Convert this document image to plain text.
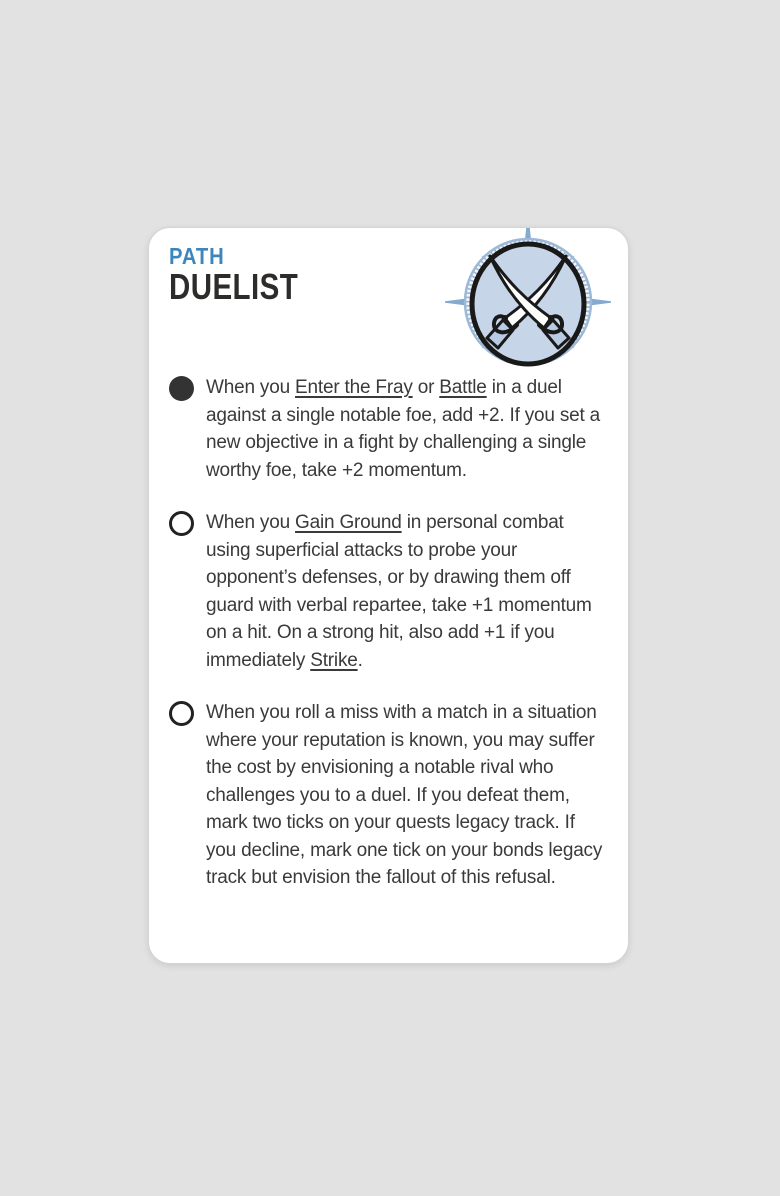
PATH
DUELIST
When you Enter the Fray or Battle in a duel against a single notable foe, add +2. If you set a new objective in a fight by challenging a single worthy foe, take +2 momentum.
When you Gain Ground in personal combat using superficial attacks to probe your opponent’s defenses, or by drawing them off guard with verbal repartee, take +1 momentum on a hit. On a strong hit, also add +1 if you immediately Strike.
When you roll a miss with a match in a situation where your reputation is known, you may suffer the cost by envisioning a notable rival who challenges you to a duel. If you defeat them, mark two ticks on your quests legacy track. If you decline, mark one tick on your bonds legacy track but envision the fallout of this refusal.
